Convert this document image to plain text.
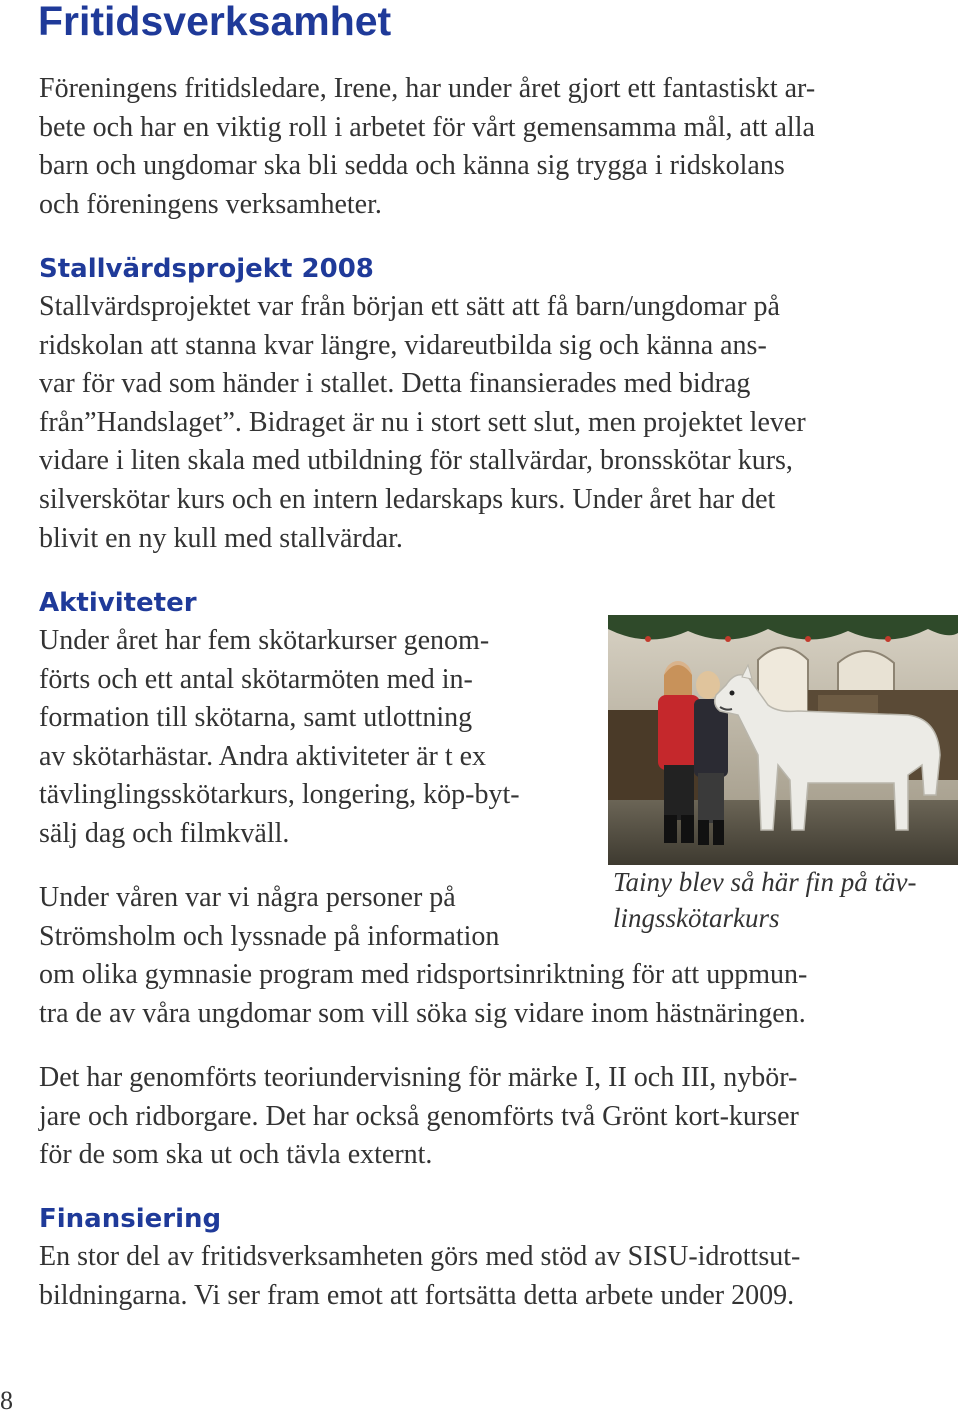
Fritidsverksamhet
Föreningens fritidsledare, Irene, har under året gjort ett fantastiskt ar-
bete och har en viktig roll i arbetet för vårt gemensamma mål, att alla
barn och ungdomar ska bli sedda och känna sig trygga i ridskolans
och föreningens verksamheter.
Stallvärdsprojekt 2008
Stallvärdsprojektet var från början ett sätt att få barn/ungdomar på
ridskolan att stanna kvar längre, vidareutbilda sig och känna ans-
var för vad som händer i stallet. Detta finansierades med bidrag
från”Handslaget”. Bidraget är nu i stort sett slut, men projektet lever
vidare i liten skala med utbildning för stallvärdar, bronsskötar kurs,
silverskötar kurs och en intern ledarskaps kurs. Under året har det
blivit en ny kull med stallvärdar.
Aktiviteter
Under året har fem skötarkurser genom-
förts och ett antal skötarmöten med in-
formation till skötarna, samt utlottning
av skötarhästar. Andra aktiviteter är t ex
tävlinglingsskötarkurs, longering, köp-byt-
sälj dag och filmkväll.
Tainy blev så här fin på täv-
lingsskötarkurs
Under våren var vi några personer på
Strömsholm och lyssnade på information
om olika gymnasie program med ridsportsinriktning för att uppmun-
tra de av våra ungdomar som vill söka sig vidare inom hästnäringen.
Det har genomförts teoriundervisning för märke I, II och III, nybör-
jare och ridborgare. Det har också genomförts två Grönt kort-kurser
för de som ska ut och tävla externt.
Finansiering
En stor del av fritidsverksamheten görs med stöd av SISU-idrottsut-
bildningarna. Vi ser fram emot att fortsätta detta arbete under 2009.
8
